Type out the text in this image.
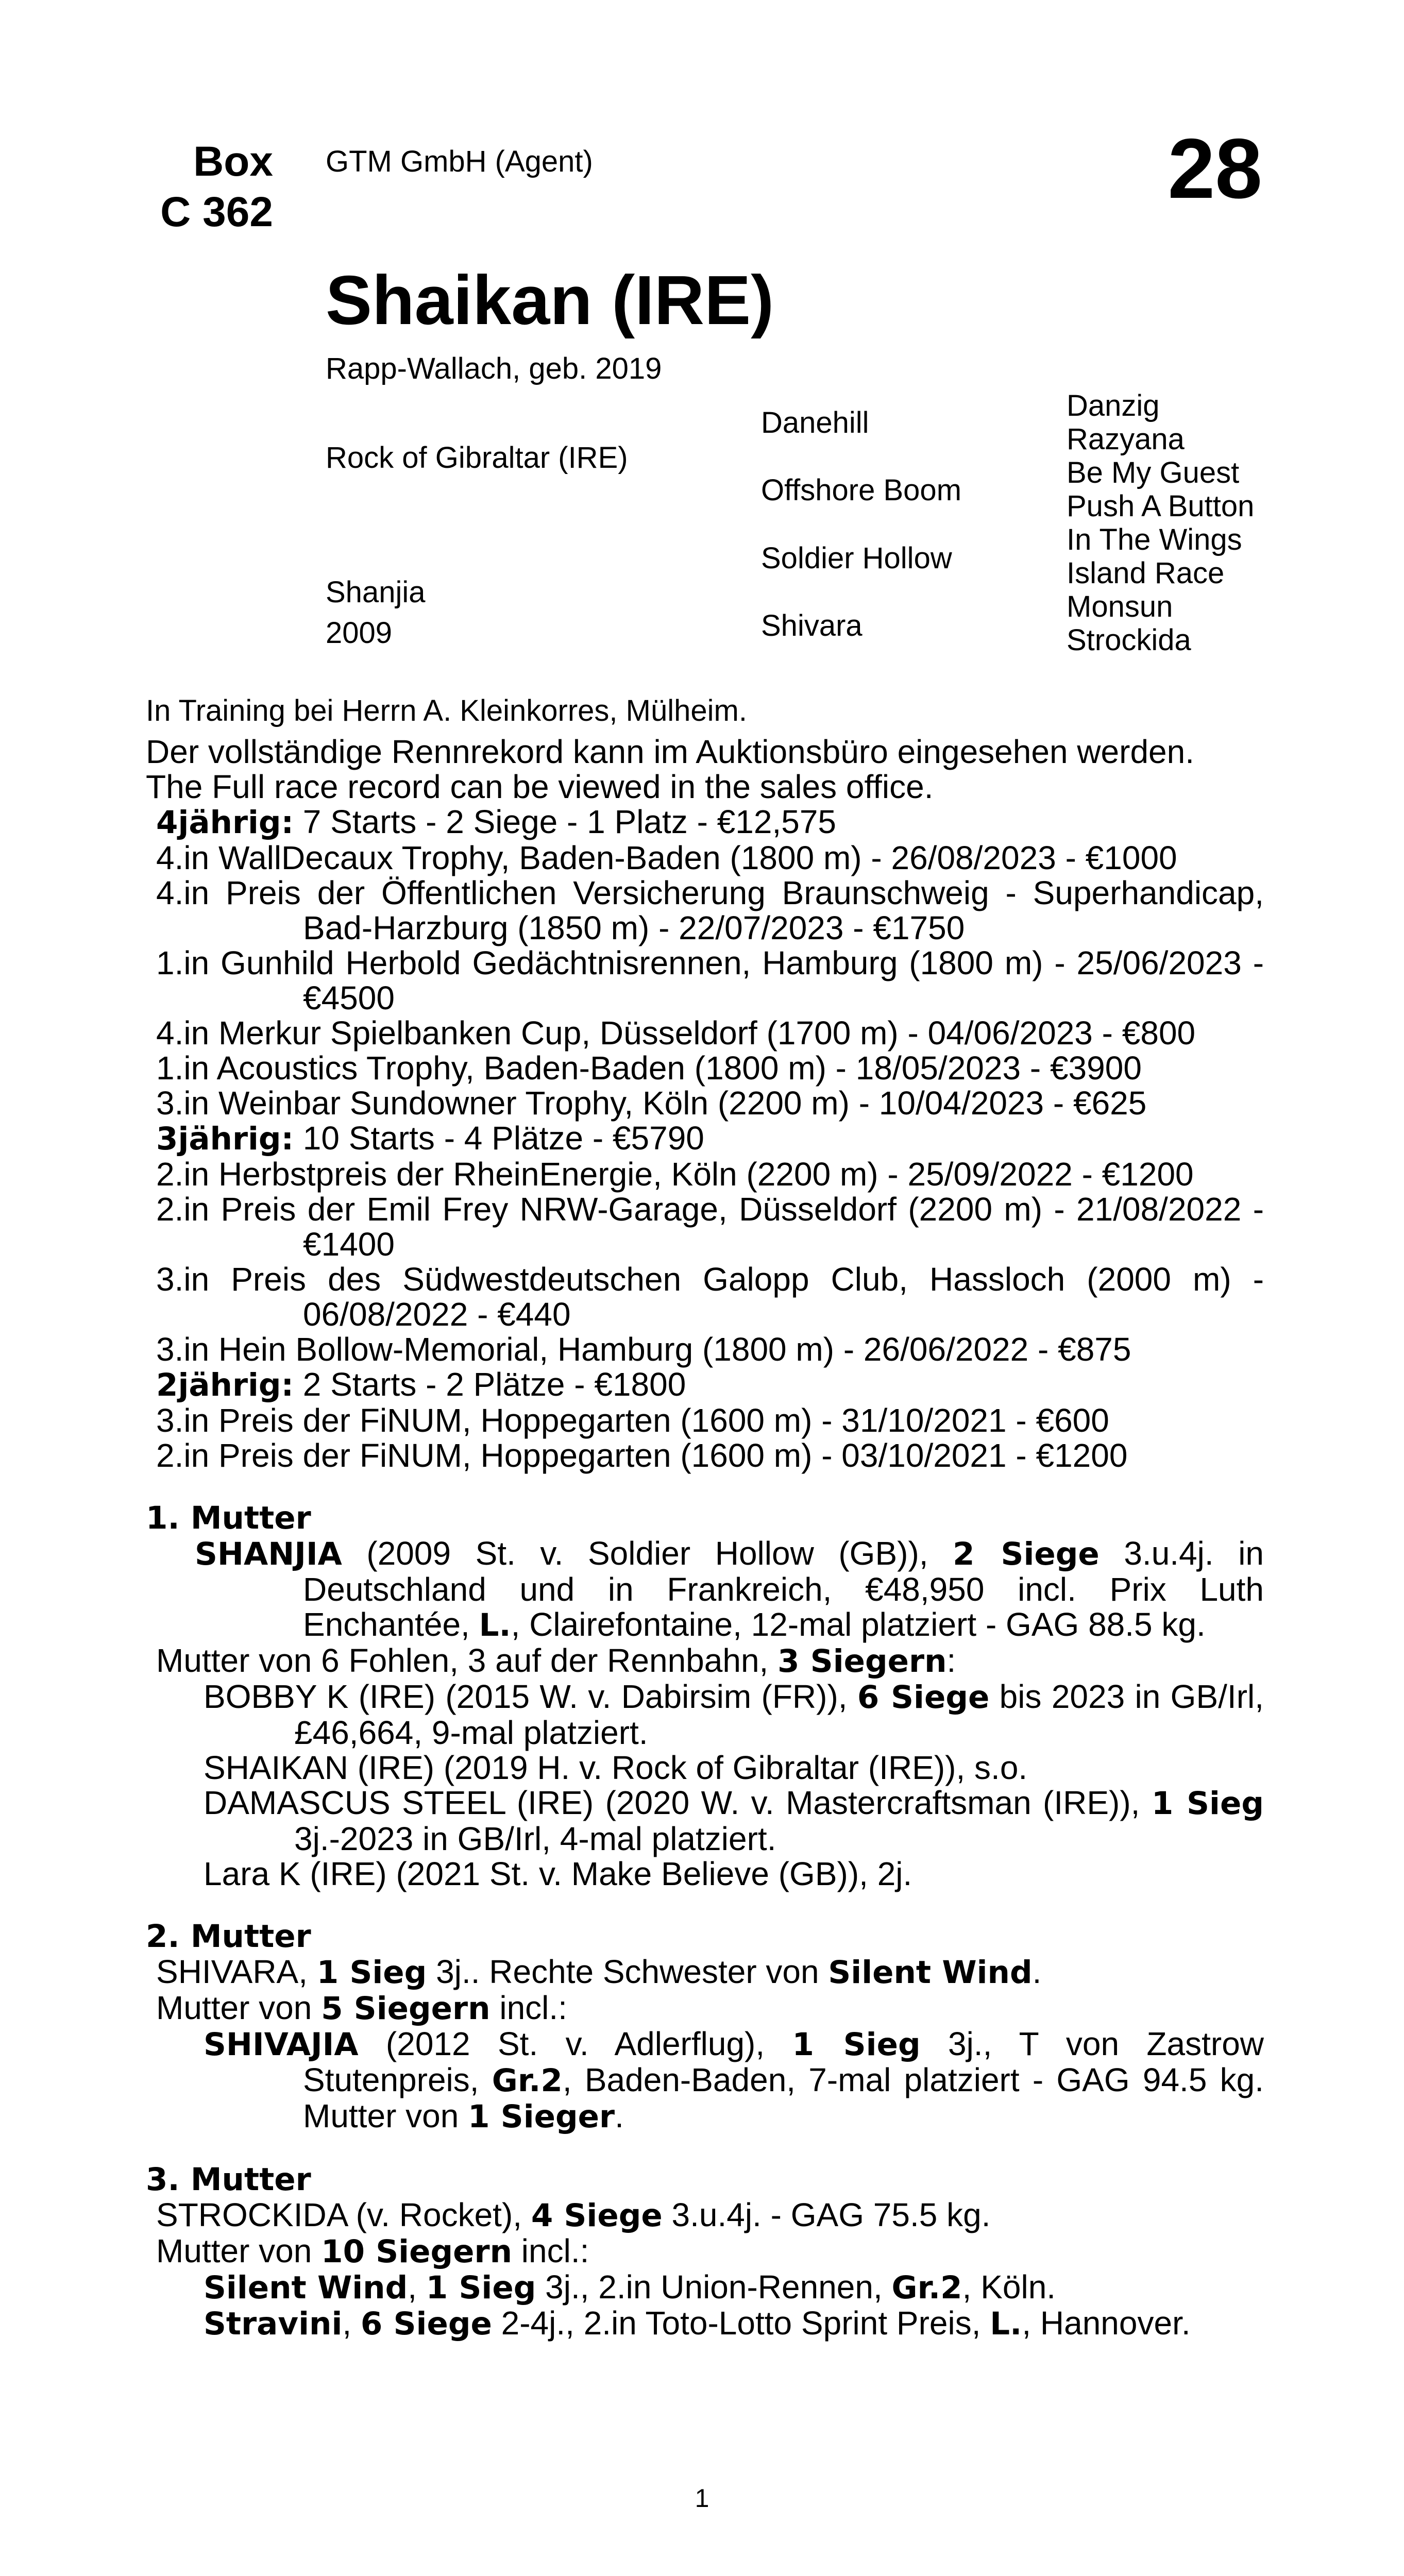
Box
C 362
GTM GmbH (Agent)	28
Shaikan (IRE)
Rapp-Wallach, geb. 2019
Rock of Gibraltar (IRE)
Shanjia
2009
Danehill
Offshore Boom
Soldier Hollow
Shivara
Danzig
Razyana
Be My Guest
Push A Button
In The Wings
Island Race
Monsun
Strockida
In Training bei Herrn A. Kleinkorres, Mülheim.

Der vollständige Rennrekord kann im Auktionsbüro eingesehen werden.

The Full race record can be viewed in the sales office.

4jährig: 7 Starts - 2 Siege - 1 Platz - €12,575

4.in WallDecaux Trophy, Baden-Baden (1800 m) - 26/08/2023 - €1000

4.in Preis der Öffentlichen Versicherung Braunschweig - Superhandicap, Bad-Harzburg (1850 m) - 22/07/2023 - €1750

1.in Gunhild Herbold Gedächtnisrennen, Hamburg (1800 m) - 25/06/2023 - €4500

4.in Merkur Spielbanken Cup, Düsseldorf (1700 m) - 04/06/2023 - €800

1.in Acoustics Trophy, Baden-Baden (1800 m) - 18/05/2023 - €3900

3.in Weinbar Sundowner Trophy, Köln (2200 m) - 10/04/2023 - €625

3jährig: 10 Starts - 4 Plätze - €5790

2.in Herbstpreis der RheinEnergie, Köln (2200 m) - 25/09/2022 - €1200

2.in Preis der Emil Frey NRW-Garage, Düsseldorf (2200 m) - 21/08/2022 - €1400

3.in Preis des Südwestdeutschen Galopp Club, Hassloch (2000 m) - 06/08/2022 - €440

3.in Hein Bollow-Memorial, Hamburg (1800 m) - 26/06/2022 - €875

2jährig: 2 Starts - 2 Plätze - €1800

3.in Preis der FiNUM, Hoppegarten (1600 m) - 31/10/2021 - €600

2.in Preis der FiNUM, Hoppegarten (1600 m) - 03/10/2021 - €1200

1. Mutter

SHANJIA (2009 St. v. Soldier Hollow (GB)), 2 Siege 3.u.4j. in Deutschland und in Frankreich, €48,950 incl. Prix Luth Enchantée, L., Clairefontaine, 12-mal platziert - GAG 88.5 kg.

Mutter von 6 Fohlen, 3 auf der Rennbahn, 3 Siegern:

BOBBY K (IRE) (2015 W. v. Dabirsim (FR)), 6 Siege bis 2023 in GB/Irl, £46,664, 9-mal platziert.

SHAIKAN (IRE) (2019 H. v. Rock of Gibraltar (IRE)), s.o.

DAMASCUS STEEL (IRE) (2020 W. v. Mastercraftsman (IRE)), 1 Sieg 3j.-2023 in GB/Irl, 4-mal platziert.

Lara K (IRE) (2021 St. v. Make Believe (GB)), 2j.

2. Mutter

SHIVARA, 1 Sieg 3j.. Rechte Schwester von Silent Wind.

Mutter von 5 Siegern incl.:

SHIVAJIA (2012 St. v. Adlerflug), 1 Sieg 3j., T von Zastrow Stutenpreis, Gr.2, Baden-Baden, 7-mal platziert - GAG 94.5 kg. Mutter von 1 Sieger.

3. Mutter

STROCKIDA (v. Rocket), 4 Siege 3.u.4j. - GAG 75.5 kg.

Mutter von 10 Siegern incl.:

Silent Wind, 1 Sieg 3j., 2.in Union-Rennen, Gr.2, Köln.

Stravini, 6 Siege 2-4j., 2.in Toto-Lotto Sprint Preis, L., Hannover.

1
